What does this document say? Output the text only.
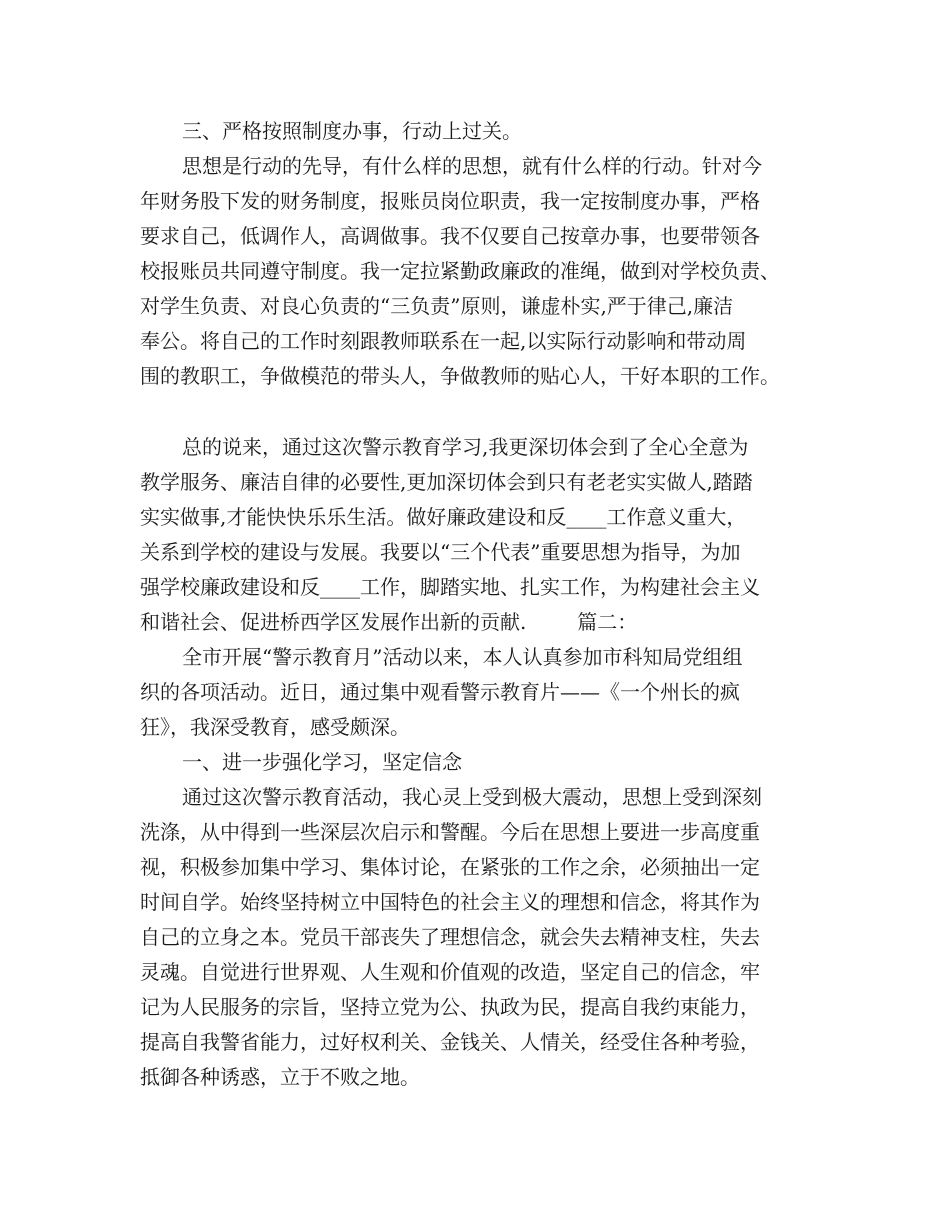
三、严格按照制度办事，行动上过关。
思想是行动的先导，有什么样的思想，就有什么样的行动。针对今
年财务股下发的财务制度，报账员岗位职责，我一定按制度办事，严格
要求自己，低调作人，高调做事。我不仅要自己按章办事，也要带领各
校报账员共同遵守制度。我一定拉紧勤政廉政的准绳，做到对学校负责、
对学生负责、对良心负责的“三负责”原则，谦虚朴实,严于律己,廉洁
奉公。将自己的工作时刻跟教师联系在一起,以实际行动影响和带动周
围的教职工，争做模范的带头人，争做教师的贴心人，干好本职的工作。
总的说来，通过这次警示教育学习,我更深切体会到了全心全意为
教学服务、廉洁自律的必要性,更加深切体会到只有老老实实做人,踏踏
实实做事,才能快快乐乐生活。做好廉政建设和反____工作意义重大，
关系到学校的建设与发展。我要以“三个代表”重要思想为指导，为加
强学校廉政建设和反____工作，脚踏实地、扎实工作，为构建社会主义
和谐社会、促进桥西学区发展作出新的贡献.        篇二：
全市开展“警示教育月”活动以来，本人认真参加市科知局党组组
织的各项活动。近日，通过集中观看警示教育片——《一个州长的疯
狂》，我深受教育，感受颇深。
一、进一步强化学习，坚定信念
通过这次警示教育活动，我心灵上受到极大震动，思想上受到深刻
洗涤，从中得到一些深层次启示和警醒。今后在思想上要进一步高度重
视，积极参加集中学习、集体讨论，在紧张的工作之余，必须抽出一定
时间自学。始终坚持树立中国特色的社会主义的理想和信念，将其作为
自己的立身之本。党员干部丧失了理想信念，就会失去精神支柱，失去
灵魂。自觉进行世界观、人生观和价值观的改造，坚定自己的信念，牢
记为人民服务的宗旨，坚持立党为公、执政为民，提高自我约束能力，
提高自我警省能力，过好权利关、金钱关、人情关，经受住各种考验，
抵御各种诱惑，立于不败之地。
